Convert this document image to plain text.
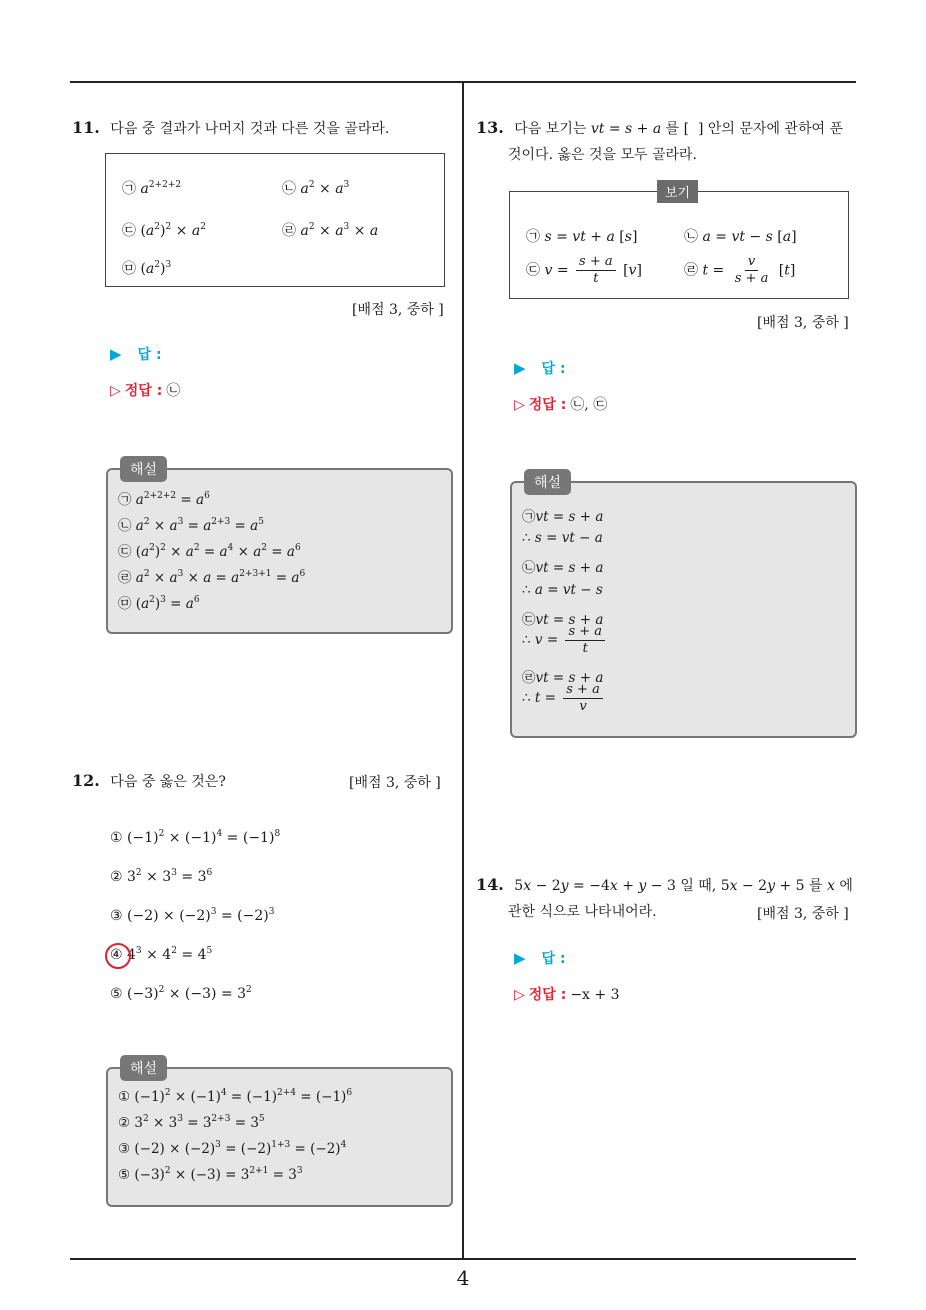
4
11. 다음 중 결과가 나머지 것과 다른 것을 골라라.
㉠ $a^{2+2+2}$	㉡ $a^2 \times a^3$
㉢ $(a^2)^2 \times a^2$	㉣ $a^2 \times a^3 \times a$
㉤ $(a^2)^3$
[배점 3, 중하 ]
▶ 답 :
▷ 정답 : ㉡
㉠ $a^{2+2+2} = a^6$
㉡ $a^2 \times a^3 = a^{2+3} = a^5$
㉢ $(a^2)^2 \times a^2 = a^4 \times a^2 = a^6$
㉣ $a^2 \times a^3 \times a = a^{2+3+1} = a^6$
㉤ $(a^2)^3 = a^6$
해설
12. 다음 중 옳은 것은?	[배점 3, 중하 ]
① $(-1)^2 \times (-1)^4 = (-1)^8$
② $3^2 \times 3^3 = 3^6$
③ $(-2) \times (-2)^3 = (-2)^3$
④ $4^3 \times 4^2 = 4^5$
⑤ $(-3)^2 \times (-3) = 3^2$
① $(-1)^2 \times (-1)^4 = (-1)^{2+4} = (-1)^6$
② $3^2 \times 3^3 = 3^{2+3} = 3^5$
③ $(-2) \times (-2)^3 = (-2)^{1+3} = (-2)^4$
⑤ $(-3)^2 \times (-3) = 3^{2+1} = 3^3$
해설
13. 다음 보기는 vt = s + a 를 [  ] 안의 문자에 관하여 푼
것이다. 옳은 것을 모두 골라라.
㉠ s = vt + a [s]	㉡ a = vt − s [a]
㉢ $v = \frac{s + a}{t} [v]$	㉣ $t = \frac{v}{s + a} [t]$
보기
[배점 3, 중하 ]
▶ 답 :
▷ 정답 : ㉡, ㉢
㉠vt = s + a
∴ s = vt − a
㉡vt = s + a
∴ a = vt − s
㉢vt = s + a
∴ $v = \frac{s + a}{t}$
㉣vt = s + a
∴ $t = \frac{s + a}{v}$
해설
14. 5x − 2y = −4x + y − 3 일 때, 5x − 2y + 5 를 x 에
관한 식으로 나타내어라.	[배점 3, 중하 ]
▶ 답 :
▷ 정답 : −x + 3
